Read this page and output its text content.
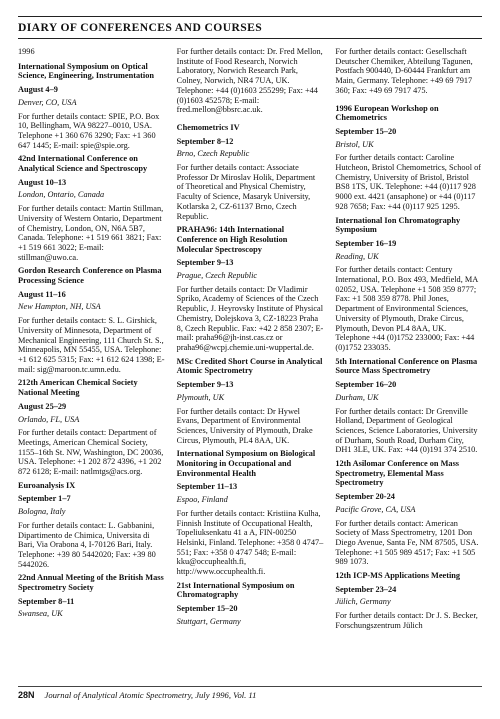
DIARY OF CONFERENCES AND COURSES

1996

International Symposium on Optical Science, Engineering, Instrumentation

August 4–9

Denver, CO, USA

For further details contact: SPIE, P.O. Box 10, Bellingham, WA 98227–0010, USA. Telephone +1 360 676 3290; Fax: +1 360 647 1445; E-mail: spie@spie.org.

42nd International Conference on Analytical Science and Spectroscopy

August 10–13

London, Ontario, Canada

For further details contact: Martin Stillman, University of Western Ontario, Department of Chemistry, London, ON, N6A 5B7, Canada. Telephone: +1 519 661 3821; Fax: +1 519 661 3022; E-mail: stillman@uwo.ca.

Gordon Research Conference on Plasma Processing Science

August 11–16

New Hampton, NH, USA

For further details contact: S. L. Girshick, University of Minnesota, Department of Mechanical Engineering, 111 Church St. S., Minneapolis, MN 55455, USA. Telephone: +1 612 625 5315; Fax: +1 612 624 1398; E-mail: sig@maroon.tc.umn.edu.

212th American Chemical Society National Meeting

August 25–29

Orlando, FL, USA

For further details contact: Department of Meetings, American Chemical Society, 1155–16th St. NW, Washington, DC 20036, USA. Telephone: +1 202 872 4396, +1 202 872 6128; E-mail: natlmtgs@acs.org.

Euroanalysis IX

September 1–7

Bologna, Italy

For further details contact: L. Gabbanini, Dipartimento de Chimica, Universita di Bari, Via Orabona 4, I-70126 Bari, Italy. Telephone: +39 80 5442020; Fax: +39 80 5442026.

22nd Annual Meeting of the British Mass Spectrometry Society

September 8–11

Swansea, UK

For further details contact: Dr. Fred Mellon, Institute of Food Research, Norwich Laboratory, Norwich Research Park, Colney, Norwich, NR4 7UA, UK. Telephone: +44 (0)1603 255299; Fax: +44 (0)1603 452578; E-mail: fred.mellon@bbsrc.ac.uk.

Chemometrics IV

September 8–12

Brno, Czech Republic

For further details contact: Associate Professor Dr Miroslav Holik, Department of Theoretical and Physical Chemistry, Faculty of Science, Masaryk University, Kotlarska 2, CZ-61137 Brno, Czech Republic.

PRAHA96: 14th International Conference on High Resolution Molecular Spectroscopy

September 9–13

Prague, Czech Republic

For further details contact: Dr Vladimir Spriko, Academy of Sciences of the Czech Republic, J. Heyrovsky Institute of Physical Chemistry, Dolejskova 3, CZ-18223 Praha 8, Czech Republic. Fax: +42 2 858 2307; E-mail: praha96@jh-inst.cas.cz or praha96@wcpj.chemie.uni-wuppertal.de.

MSc Credited Short Course in Analytical Atomic Spectrometry

September 9–13

Plymouth, UK

For further details contact: Dr Hywel Evans, Department of Environmental Sciences, University of Plymouth, Drake Circus, Plymouth, PL4 8AA, UK.

International Symposium on Biological Monitoring in Occupational and Environmental Health

September 11–13

Espoo, Finland

For further details contact: Kristiina Kulha, Finnish Institute of Occupational Health, Topeliuksenkatu 41 a A, FIN-00250 Helsinki, Finland. Telephone: +358 0 4747–551; Fax: +358 0 4747 548; E-mail: kku@occuphealth.fi, http://www.occuphealth.fi.

21st International Symposium on Chromatography

September 15–20

Stuttgart, Germany

For further details contact: Gesellschaft Deutscher Chemiker, Abteilung Tagunen, Postfach 900440, D-60444 Frankfurt am Main, Germany. Telephone: +49 69 7917 360; Fax: +49 69 7917 475.

1996 European Workshop on Chemometrics

September 15–20

Bristol, UK

For further details contact: Caroline Hutcheon, Bristol Chemometrics, School of Chemistry, University of Bristol, Bristol BS8 1TS, UK. Telephone: +44 (0)117 928 9000 ext. 4421 (ansaphone) or +44 (0)117 928 7658; Fax: +44 (0)117 925 1295.

International Ion Chromatography Symposium

September 16–19

Reading, UK

For further details contact: Century International, P.O. Box 493, Medfield, MA 02052, USA. Telephone +1 508 359 8777; Fax: +1 508 359 8778. Phil Jones, Department of Environmental Sciences, University of Plymouth, Drake Circus, Plymouth, Devon PL4 8AA, UK. Telephone +44 (0)1752 233000; Fax: +44 (0)1752 233035.

5th International Conference on Plasma Source Mass Spectrometry

September 16–20

Durham, UK

For further details contact: Dr Grenville Holland, Department of Geological Sciences, Science Laboratories, University of Durham, South Road, Durham City, DH1 3LE, UK. Fax: +44 (0)191 374 2510.

12th Asilomar Conference on Mass Spectrometry, Elemental Mass Spectrometry

September 20-24

Pacific Grove, CA, USA

For further details contact: American Society of Mass Spectrometry, 1201 Don Diego Avenue, Santa Fe, NM 87505, USA. Telephone: +1 505 989 4517; Fax: +1 505 989 1073.

12th ICP-MS Applications Meeting

September 23–24

Jülich, Germany

For further details contact: Dr J. S. Becker, Forschungszentrum Jülich

28N Journal of Analytical Atomic Spectrometry, July 1996, Vol. 11
